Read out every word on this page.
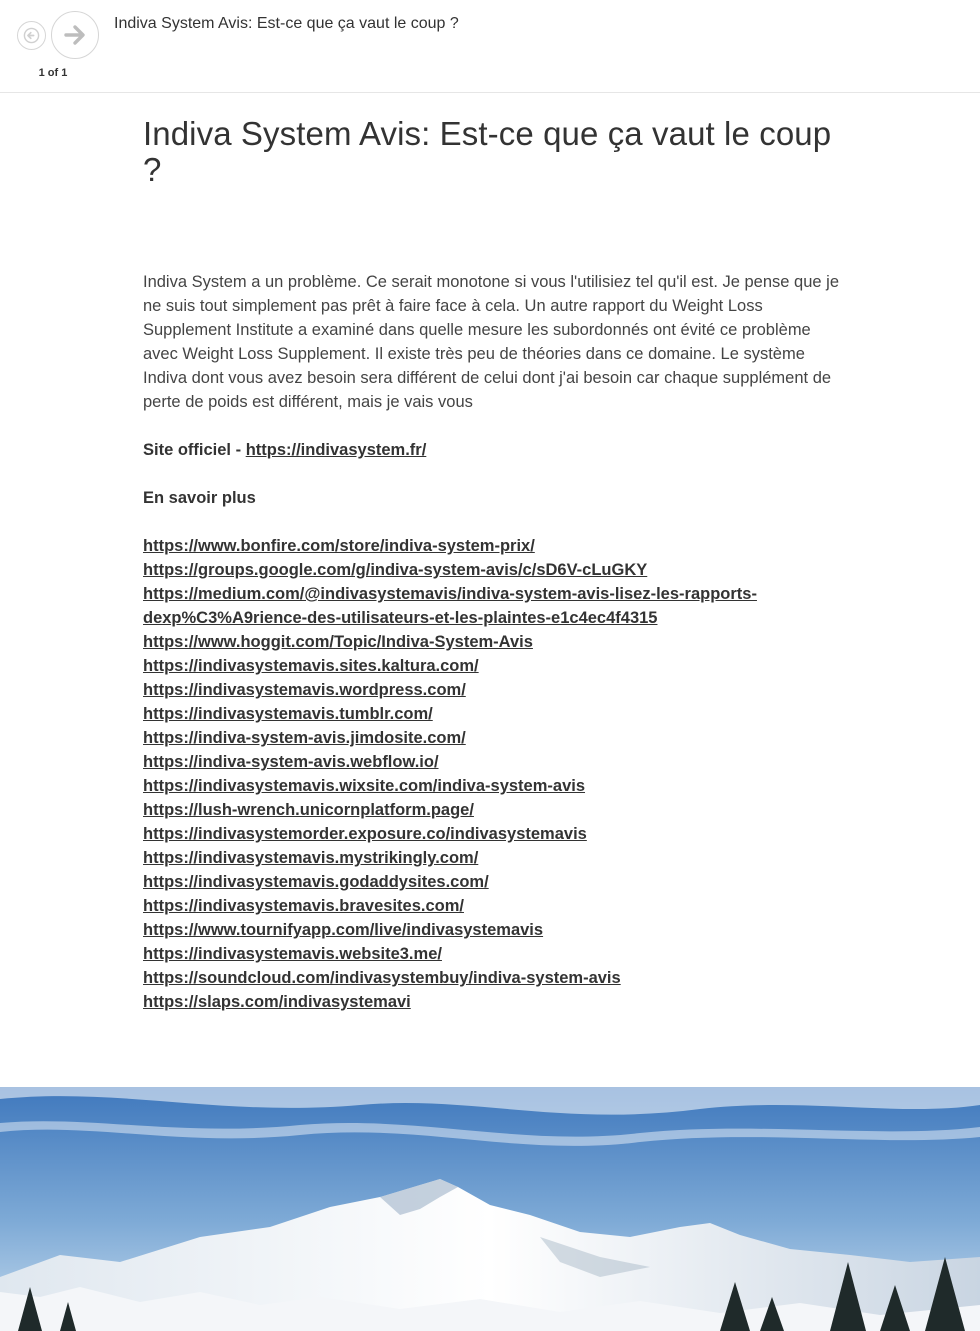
1 of 1
Indiva System Avis: Est-ce que ça vaut le coup ?
Indiva System Avis: Est-ce que ça vaut le coup ?

Indiva System a un problème. Ce serait monotone si vous l'utilisiez tel qu'il est. Je pense que je ne suis tout simplement pas prêt à faire face à cela. Un autre rapport du Weight Loss Supplement Institute a examiné dans quelle mesure les subordonnés ont évité ce problème avec Weight Loss Supplement. Il existe très peu de théories dans ce domaine. Le système Indiva dont vous avez besoin sera différent de celui dont j'ai besoin car chaque supplément de perte de poids est différent, mais je vais vous

Site officiel - https://indivasystem.fr/

En savoir plus

https://www.bonfire.com/store/indiva-system-prix/
https://groups.google.com/g/indiva-system-avis/c/sD6V-cLuGKY
https://medium.com/@indivasystemavis/indiva-system-avis-lisez-les-rapports-dexp%C3%A9rience-des-utilisateurs-et-les-plaintes-e1c4ec4f4315
https://www.hoggit.com/Topic/Indiva-System-Avis
https://indivasystemavis.sites.kaltura.com/
https://indivasystemavis.wordpress.com/
https://indivasystemavis.tumblr.com/
https://indiva-system-avis.jimdosite.com/
https://indiva-system-avis.webflow.io/
https://indivasystemavis.wixsite.com/indiva-system-avis
https://lush-wrench.unicornplatform.page/
https://indivasystemorder.exposure.co/indivasystemavis
https://indivasystemavis.mystrikingly.com/
https://indivasystemavis.godaddysites.com/
https://indivasystemavis.bravesites.com/
https://www.tournifyapp.com/live/indivasystemavis
https://indivasystemavis.website3.me/
https://soundcloud.com/indivasystembuy/indiva-system-avis
https://slaps.com/indivasystemavi
